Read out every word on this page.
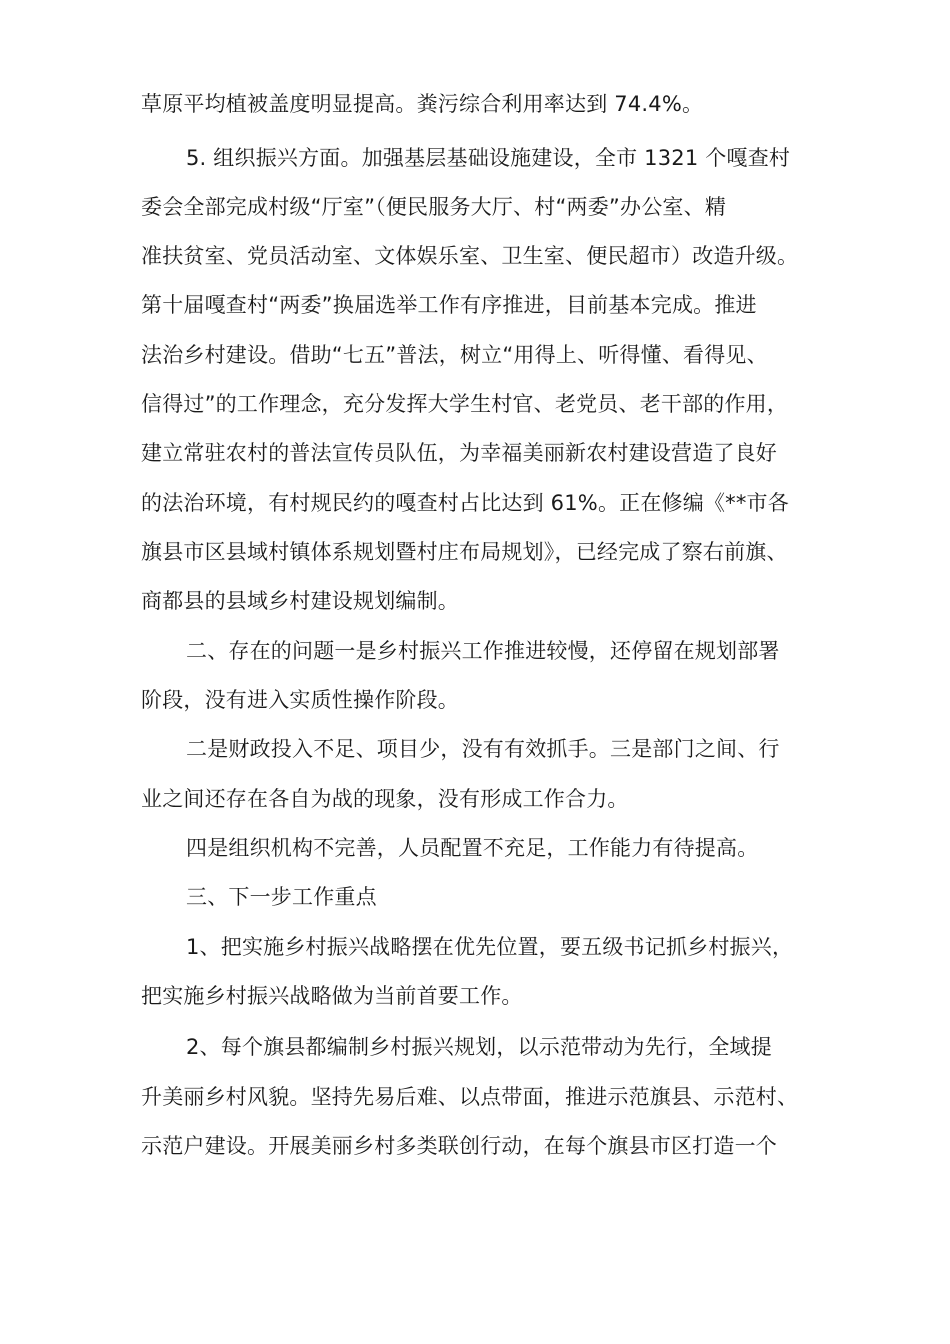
草原平均植被盖度明显提高。粪污综合利用率达到 74.4%。
5. 组织振兴方面。加强基层基础设施建设，全市 1321 个嘎查村
委会全部完成村级“厅室”（便民服务大厅、村“两委”办公室、精
准扶贫室、党员活动室、文体娱乐室、卫生室、便民超市）改造升级。
第十届嘎查村“两委”换届选举工作有序推进，目前基本完成。推进
法治乡村建设。借助“七五”普法，树立“用得上、听得懂、看得见、
信得过”的工作理念，充分发挥大学生村官、老党员、老干部的作用，
建立常驻农村的普法宣传员队伍，为幸福美丽新农村建设营造了良好
的法治环境，有村规民约的嘎查村占比达到 61%。正在修编《**市各
旗县市区县域村镇体系规划暨村庄布局规划》，已经完成了察右前旗、
商都县的县域乡村建设规划编制。
二、存在的问题一是乡村振兴工作推进较慢，还停留在规划部署
阶段，没有进入实质性操作阶段。
二是财政投入不足、项目少，没有有效抓手。三是部门之间、行
业之间还存在各自为战的现象，没有形成工作合力。
四是组织机构不完善，人员配置不充足，工作能力有待提高。
三、下一步工作重点
1、把实施乡村振兴战略摆在优先位置，要五级书记抓乡村振兴，
把实施乡村振兴战略做为当前首要工作。
2、每个旗县都编制乡村振兴规划，以示范带动为先行，全域提
升美丽乡村风貌。坚持先易后难、以点带面，推进示范旗县、示范村、
示范户建设。开展美丽乡村多类联创行动，在每个旗县市区打造一个
